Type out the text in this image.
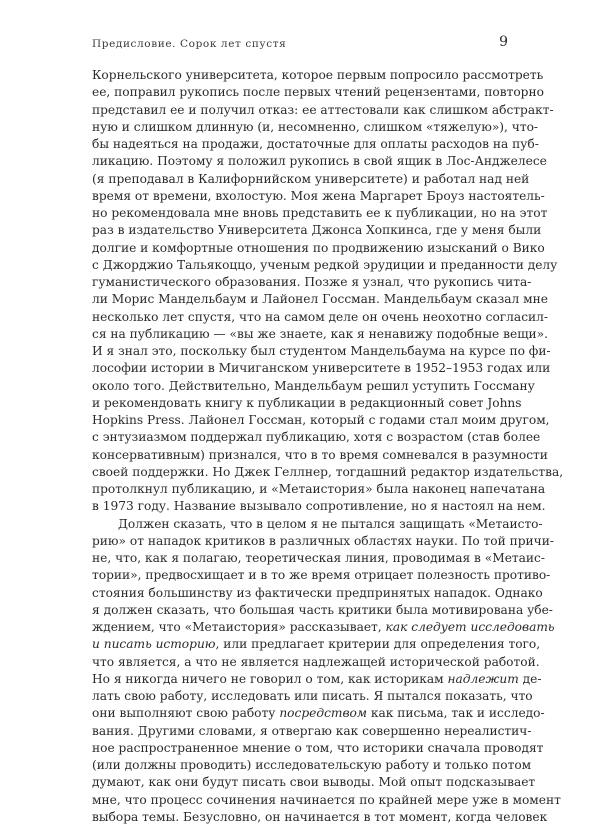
Предисловие. Сорок лет спустя	9
Корнельского университета, которое первым попросило рассмотреть
ее, поправил рукопись после первых чтений рецензентами, повторно
представил ее и получил отказ: ее аттестовали как слишком абстракт-
ную и слишком длинную (и, несомненно, слишком «тяжелую»), что-
бы надеяться на продажи, достаточные для оплаты расходов на пуб-
ликацию. Поэтому я положил рукопись в свой ящик в Лос-Анджелесе
(я преподавал в Калифорнийском университете) и работал над ней
время от времени, вхолостую. Моя жена Маргарет Броуз настоятель-
но рекомендовала мне вновь представить ее к публикации, но на этот
раз в издательство Университета Джонса Хопкинса, где у меня были
долгие и комфортные отношения по продвижению изысканий о Вико
с Джорджио Тальякоццо, ученым редкой эрудиции и преданности делу
гуманистического образования. Позже я узнал, что рукопись чита-
ли Морис Мандельбаум и Лайонел Госсман. Мандельбаум сказал мне
несколько лет спустя, что на самом деле он очень неохотно согласил-
ся на публикацию — «вы же знаете, как я ненавижу подобные вещи».
И я знал это, поскольку был студентом Мандельбаума на курсе по фи-
лософии истории в Мичиганском университете в 1952–1953 годах или
около того. Действительно, Мандельбаум решил уступить Госсману
и рекомендовать книгу к публикации в редакционный совет Johns
Hopkins Press. Лайонел Госсман, который с годами стал моим другом,
с энтузиазмом поддержал публикацию, хотя с возрастом (став более
консервативным) признался, что в то время сомневался в разумности
своей поддержки. Но Джек Геллнер, тогдашний редактор издательства,
протолкнул публикацию, и «Метаистория» была наконец напечатана
в 1973 году. Название вызывало сопротивление, но я настоял на нем.
Должен сказать, что в целом я не пытался защищать «Метаисто-
рию» от нападок критиков в различных областях науки. По той причи-
не, что, как я полагаю, теоретическая линия, проводимая в «Метаис-
тории», предвосхищает и в то же время отрицает полезность противо-
стояния большинству из фактически предпринятых нападок. Однако
я должен сказать, что большая часть критики была мотивирована убе-
ждением, что «Метаистория» рассказывает, как следует исследовать
и писать историю, или предлагает критерии для определения того,
что является, а что не является надлежащей исторической работой.
Но я никогда ничего не говорил о том, как историкам надлежит де-
лать свою работу, исследовать или писать. Я пытался показать, что
они выполняют свою работу посредством как письма, так и исследо-
вания. Другими словами, я отвергаю как совершенно нереалистич-
ное распространенное мнение о том, что историки сначала проводят
(или должны проводить) исследовательскую работу и только потом
думают, как они будут писать свои выводы. Мой опыт подсказывает
мне, что процесс сочинения начинается по крайней мере уже в момент
выбора темы. Безусловно, он начинается в тот момент, когда человек
